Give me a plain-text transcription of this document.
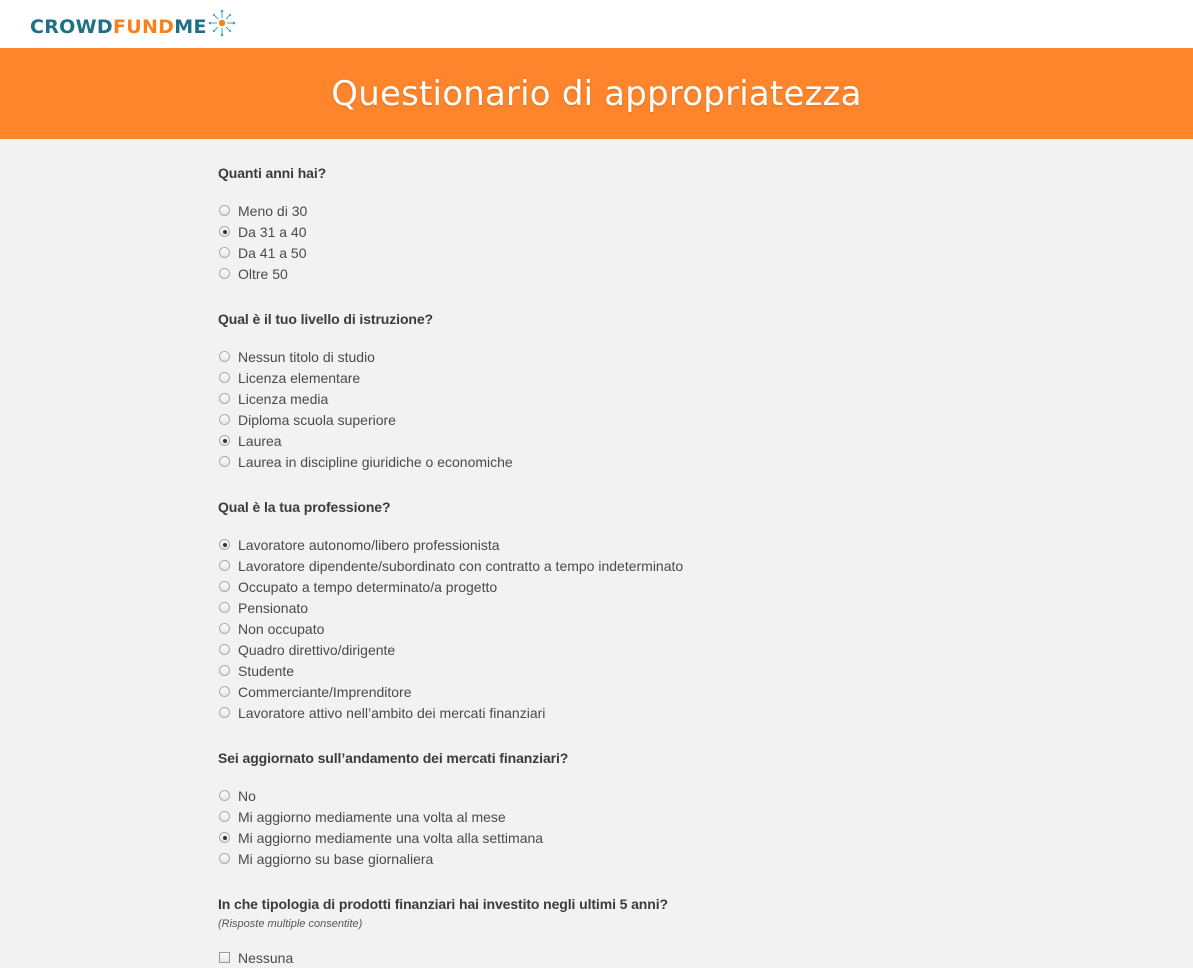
CROWD FUND ME
Questionario di appropriatezza

Quanti anni hai?

Meno di 30
Da 31 a 40
Da 41 a 50
Oltre 50

Qual è il tuo livello di istruzione?

Nessun titolo di studio
Licenza elementare
Licenza media
Diploma scuola superiore
Laurea
Laurea in discipline giuridiche o economiche

Qual è la tua professione?

Lavoratore autonomo/libero professionista
Lavoratore dipendente/subordinato con contratto a tempo indeterminato
Occupato a tempo determinato/a progetto
Pensionato
Non occupato
Quadro direttivo/dirigente
Studente
Commerciante/Imprenditore
Lavoratore attivo nell’ambito dei mercati finanziari

Sei aggiornato sull’andamento dei mercati finanziari?

No
Mi aggiorno mediamente una volta al mese
Mi aggiorno mediamente una volta alla settimana
Mi aggiorno su base giornaliera

In che tipologia di prodotti finanziari hai investito negli ultimi 5 anni?

(Risposte multiple consentite)
Nessuna
